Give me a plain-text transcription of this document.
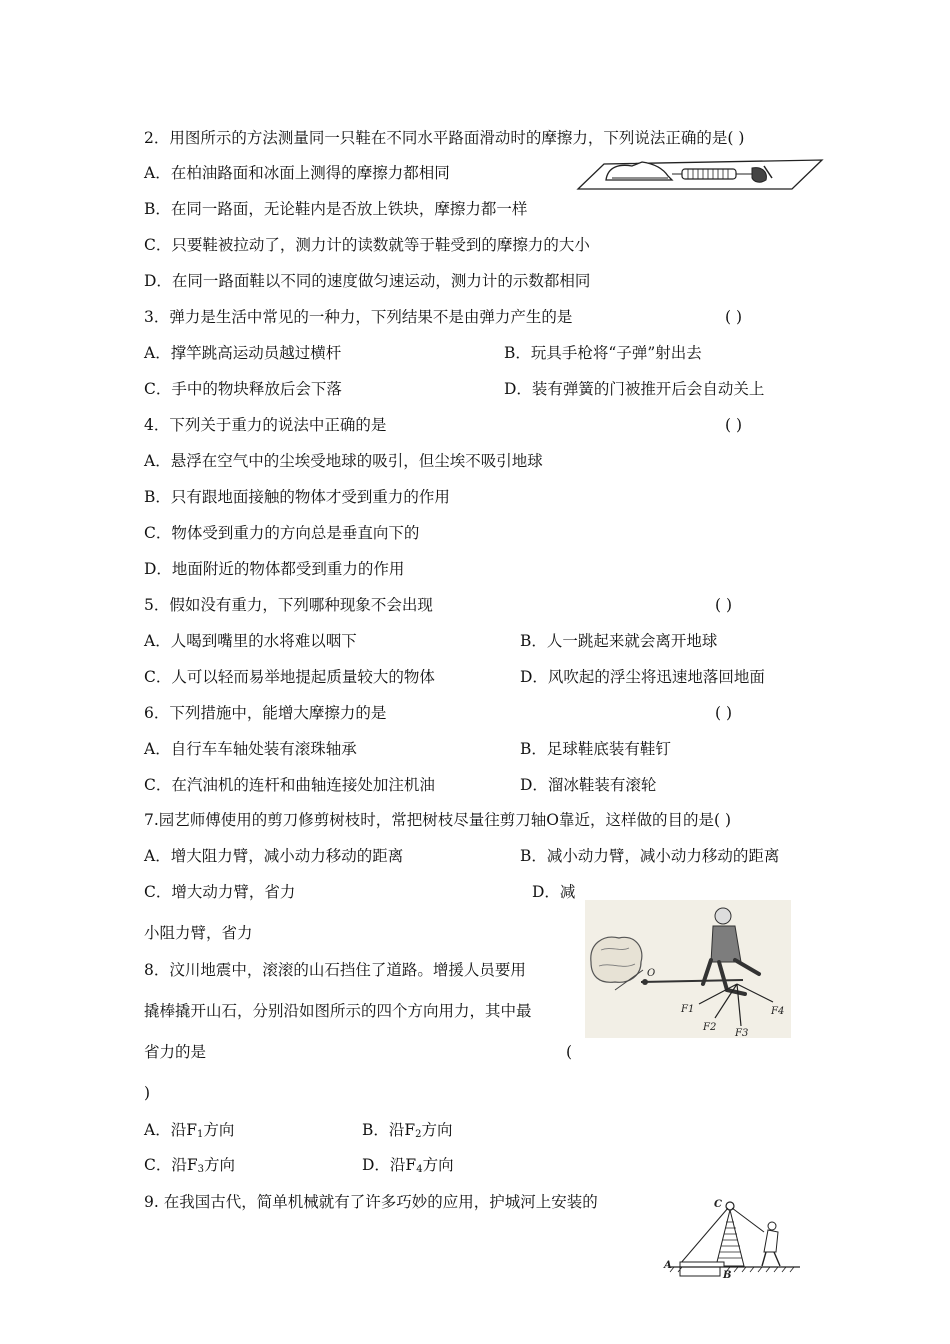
2．用图所示的方法测量同一只鞋在不同水平路面滑动时的摩擦力，下列说法正确的是( )
A．在柏油路面和冰面上测得的摩擦力都相同
B．在同一路面，无论鞋内是否放上铁块，摩擦力都一样
C．只要鞋被拉动了，测力计的读数就等于鞋受到的摩擦力的大小
D．在同一路面鞋以不同的速度做匀速运动，测力计的示数都相同
3．弹力是生活中常见的一种力，下列结果不是由弹力产生的是	( )
A．撑竿跳高运动员越过横杆	B．玩具手枪将“子弹”射出去
C．手中的物块释放后会下落	D．装有弹簧的门被推开后会自动关上
4．下列关于重力的说法中正确的是	( )
A．悬浮在空气中的尘埃受地球的吸引，但尘埃不吸引地球
B．只有跟地面接触的物体才受到重力的作用
C．物体受到重力的方向总是垂直向下的
D．地面附近的物体都受到重力的作用
5．假如没有重力，下列哪种现象不会出现	( )
A．人喝到嘴里的水将难以咽下	B．人一跳起来就会离开地球
C．人可以轻而易举地提起质量较大的物体	D．风吹起的浮尘将迅速地落回地面
6．下列措施中，能增大摩擦力的是	( )
A．自行车车轴处装有滚珠轴承	B．足球鞋底装有鞋钉
C．在汽油机的连杆和曲轴连接处加注机油	D．溜冰鞋装有滚轮
7.园艺师傅使用的剪刀修剪树枝时，常把树枝尽量往剪刀轴O靠近，这样做的目的是( )
A．增大阻力臂，减小动力移动的距离	B．减小动力臂，减小动力移动的距离
C．增大动力臂，省力	D．减
小阻力臂，省力
O
F1
F2
F3
F4
8．汶川地震中，滚滚的山石挡住了道路。增援人员要用
撬棒撬开山石，分别沿如图所示的四个方向用力，其中最
省力的是	(
)
A．沿$F_1$方向	B．沿$F_2$方向
C．沿$F_3$方向	D．沿$F_4$方向
9. 在我国古代，简单机械就有了许多巧妙的应用，护城河上安装的	C
A
B
